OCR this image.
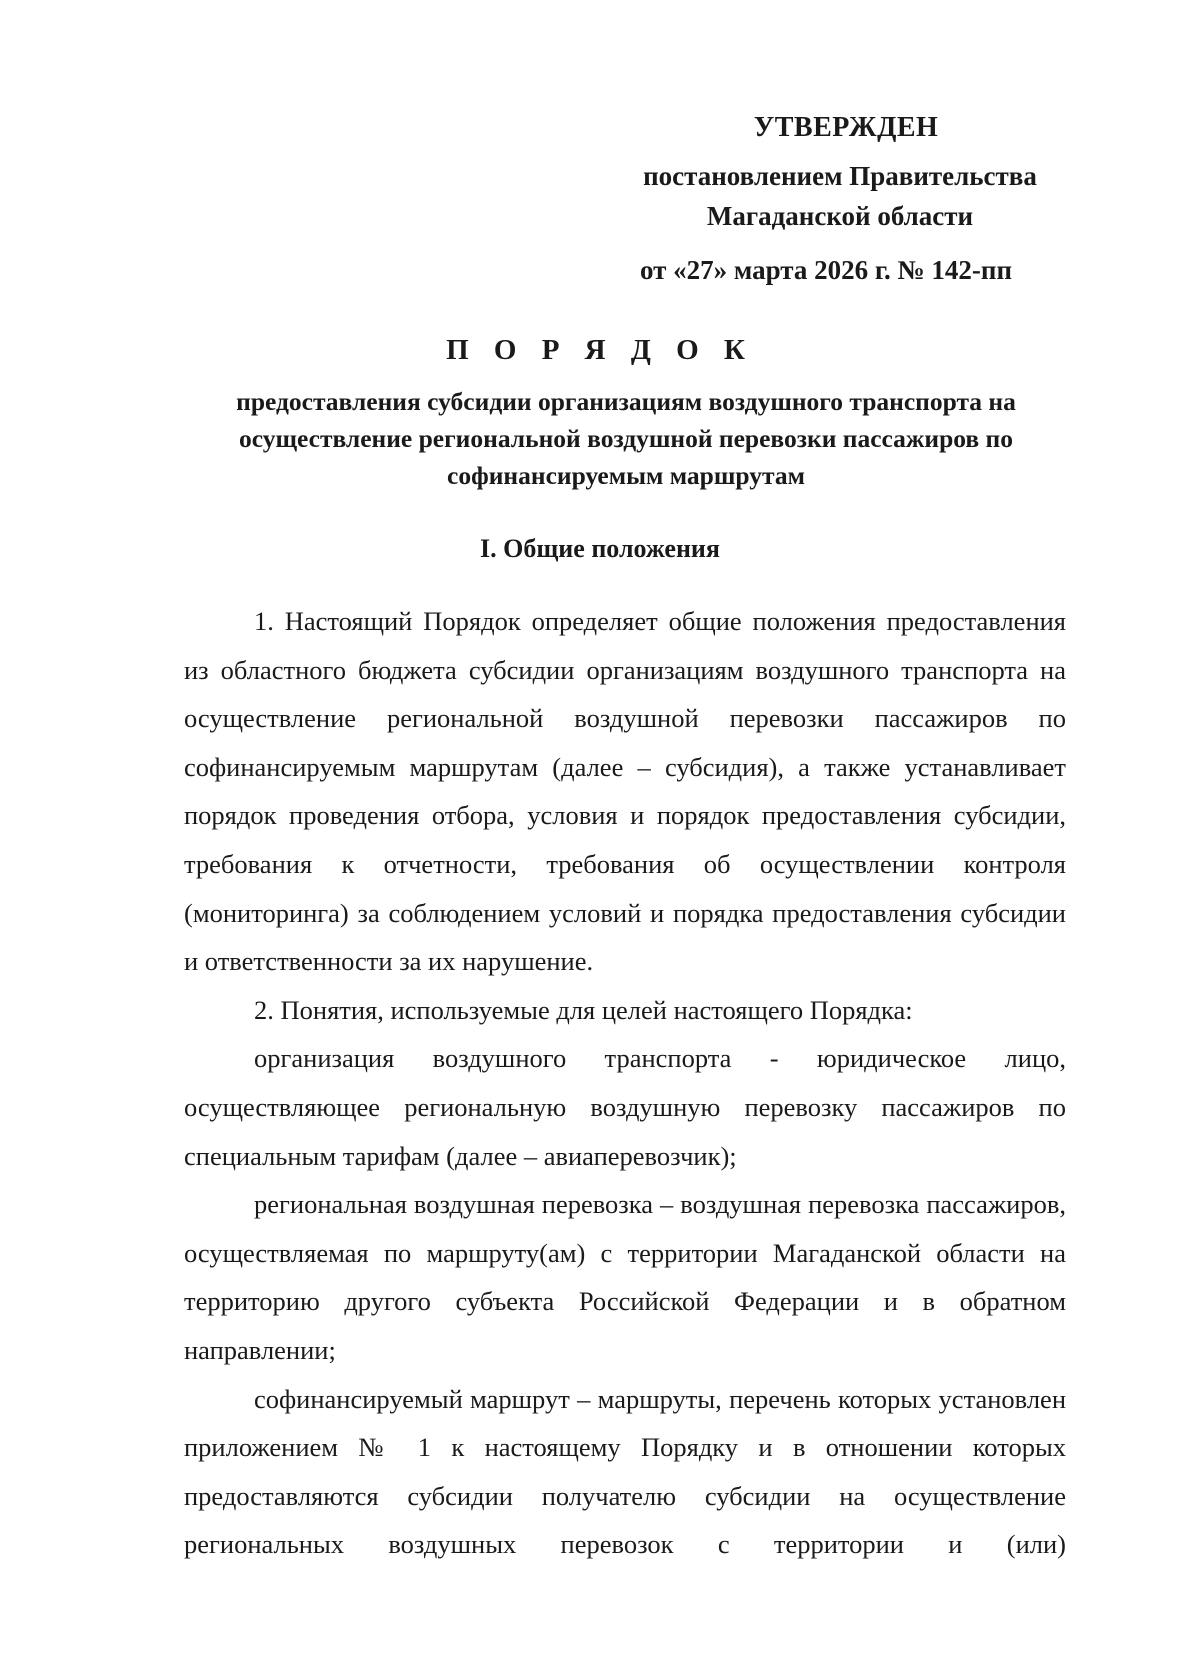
УТВЕРЖДЕН
постановлением Правительства
Магаданской области
от «27» марта 2026 г. № 142-пп
П О Р Я Д О К
предоставления субсидии организациям воздушного транспорта на осуществление региональной воздушной перевозки пассажиров по софинансируемым маршрутам
I. Общие положения

1. Настоящий Порядок определяет общие положения предоставления из областного бюджета субсидии организациям воздушного транспорта на осуществление региональной воздушной перевозки пассажиров по софинансируемым маршрутам (далее – субсидия), а также устанавливает порядок проведения отбора, условия и порядок предоставления субсидии, требования к отчетности, требования об осуществлении контроля (мониторинга) за соблюдением условий и порядка предоставления субсидии и ответственности за их нарушение.

2. Понятия, используемые для целей настоящего Порядка:

организация воздушного транспорта - юридическое лицо, осуществляющее региональную воздушную перевозку пассажиров по специальным тарифам (далее – авиаперевозчик);

региональная воздушная перевозка – воздушная перевозка пассажиров, осуществляемая по маршруту(ам) с территории Магаданской области на территорию другого субъекта Российской Федерации и в обратном направлении;

софинансируемый маршрут – маршруты, перечень которых установлен приложением № 1 к настоящему Порядку и в отношении которых предоставляются субсидии получателю субсидии на осуществление региональных воздушных перевозок с территории и (или)
